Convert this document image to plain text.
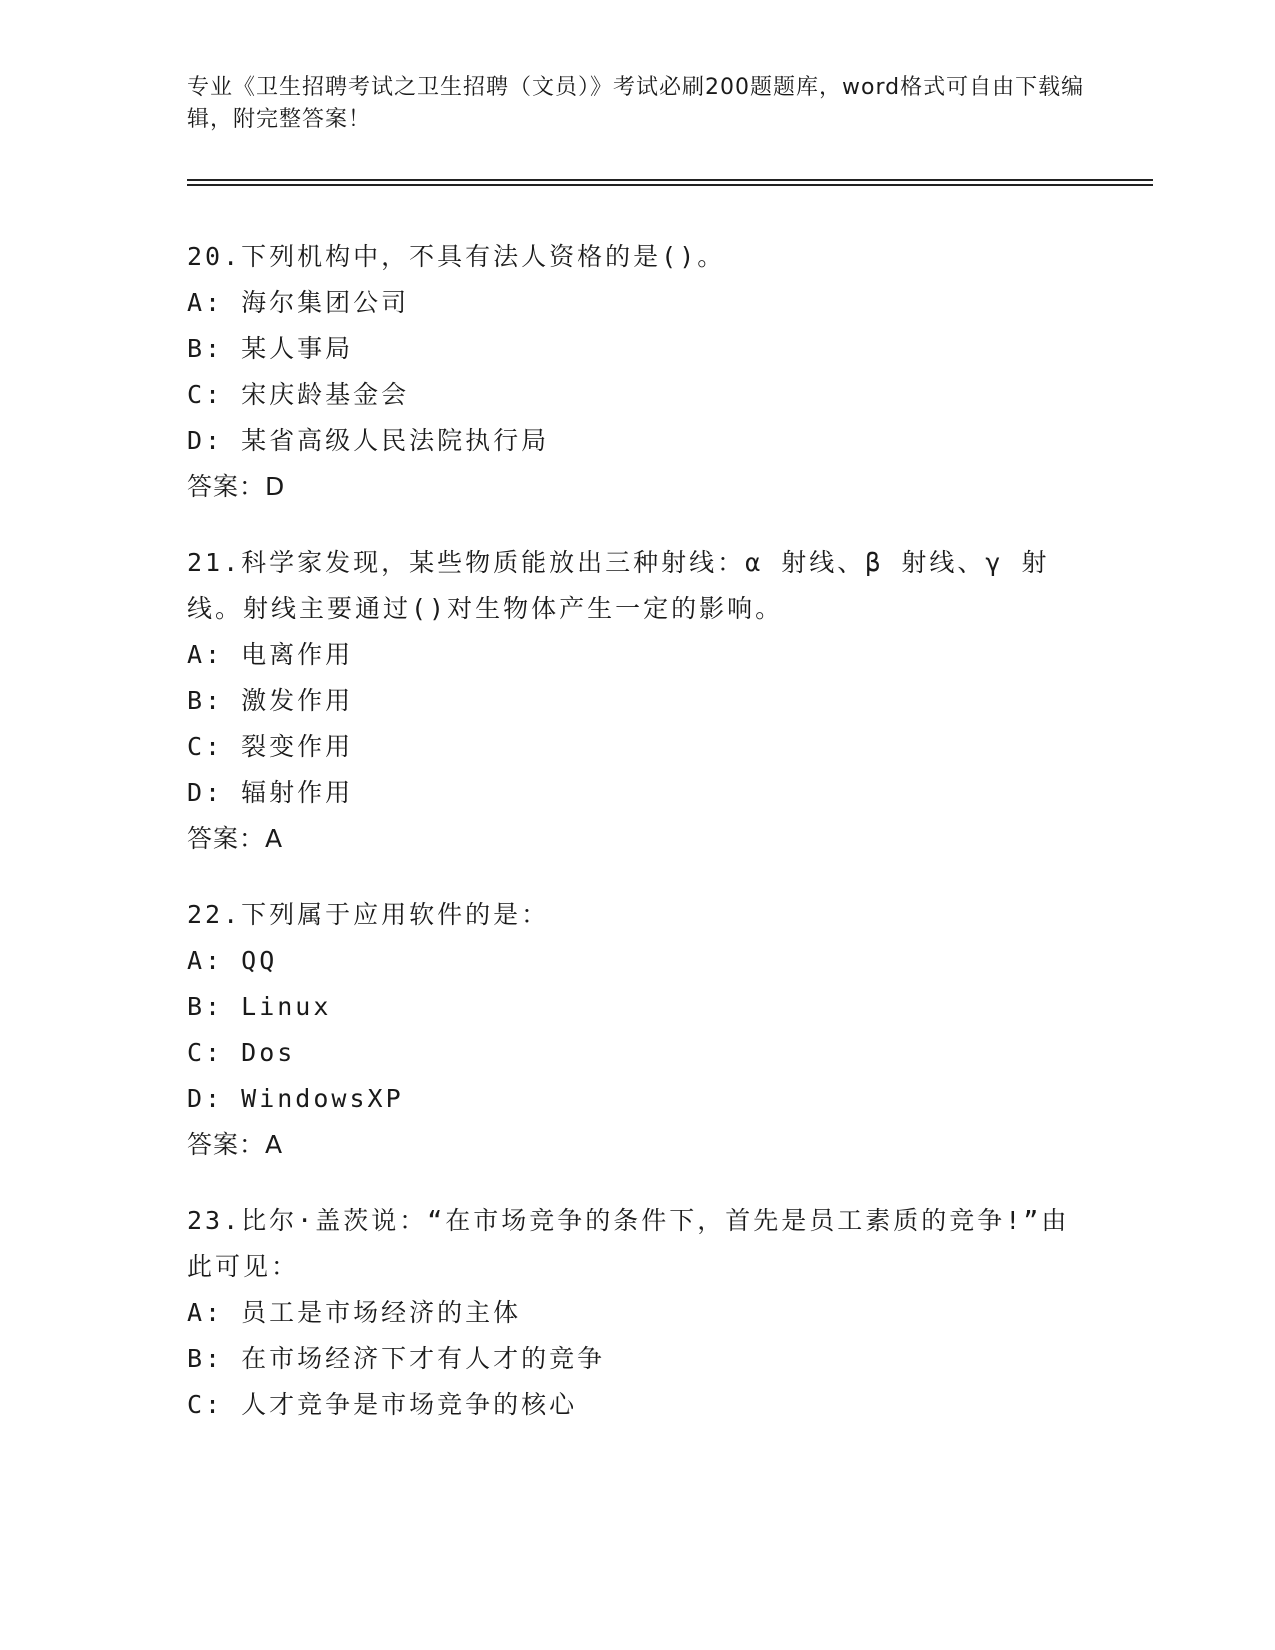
专业《卫生招聘考试之卫生招聘（文员）》考试必刷200题题库，word格式可自由下载编辑，附完整答案！
20.下列机构中，不具有法人资格的是()。
A: 海尔集团公司
B: 某人事局
C: 宋庆龄基金会
D: 某省高级人民法院执行局
答案：D
21.科学家发现，某些物质能放出三种射线：α 射线、β 射线、γ 射线。射线主要通过()对生物体产生一定的影响。
A: 电离作用
B: 激发作用
C: 裂变作用
D: 辐射作用
答案：A
22.下列属于应用软件的是：
A: QQ
B: Linux
C: Dos
D: WindowsXP
答案：A
23.比尔·盖茨说：“在市场竞争的条件下，首先是员工素质的竞争!”由此可见：
A: 员工是市场经济的主体
B: 在市场经济下才有人才的竞争
C: 人才竞争是市场竞争的核心
